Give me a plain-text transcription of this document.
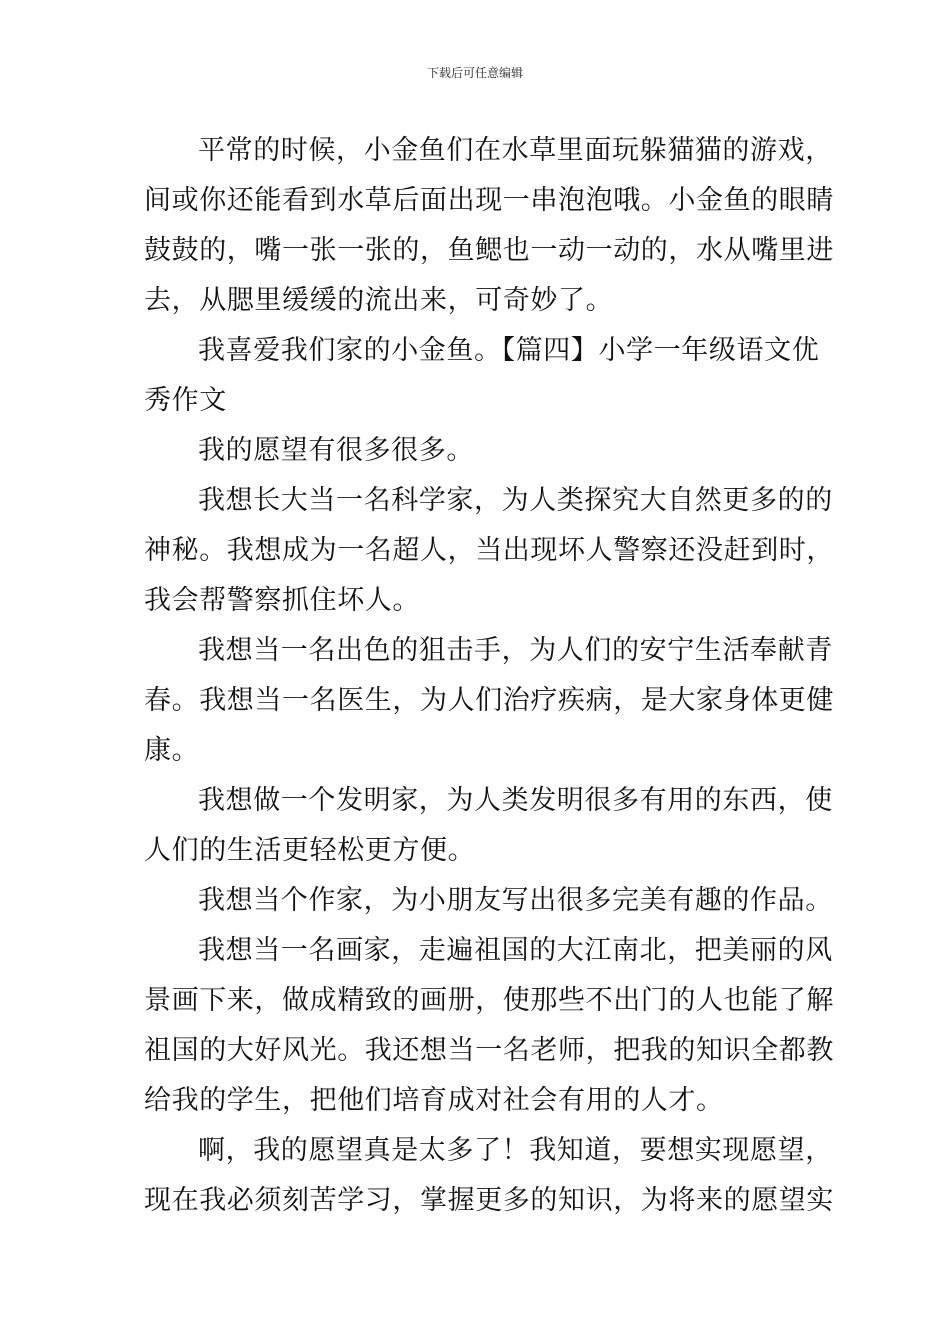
下载后可任意编辑
平常的时候，小金鱼们在水草里面玩躲猫猫的游戏，
间或你还能看到水草后面出现一串泡泡哦。小金鱼的眼睛
鼓鼓的，嘴一张一张的，鱼鳃也一动一动的，水从嘴里进
去，从腮里缓缓的流出来，可奇妙了。
我喜爱我们家的小金鱼。【篇四】小学一年级语文优
秀作文
我的愿望有很多很多。
我想长大当一名科学家，为人类探究大自然更多的的
神秘。我想成为一名超人，当出现坏人警察还没赶到时，
我会帮警察抓住坏人。
我想当一名出色的狙击手，为人们的安宁生活奉献青
春。我想当一名医生，为人们治疗疾病，是大家身体更健
康。
我想做一个发明家，为人类发明很多有用的东西，使
人们的生活更轻松更方便。
我想当个作家，为小朋友写出很多完美有趣的作品。
我想当一名画家，走遍祖国的大江南北，把美丽的风
景画下来，做成精致的画册，使那些不出门的人也能了解
祖国的大好风光。我还想当一名老师，把我的知识全都教
给我的学生，把他们培育成对社会有用的人才。
啊，我的愿望真是太多了！我知道，要想实现愿望，
现在我必须刻苦学习，掌握更多的知识，为将来的愿望实
